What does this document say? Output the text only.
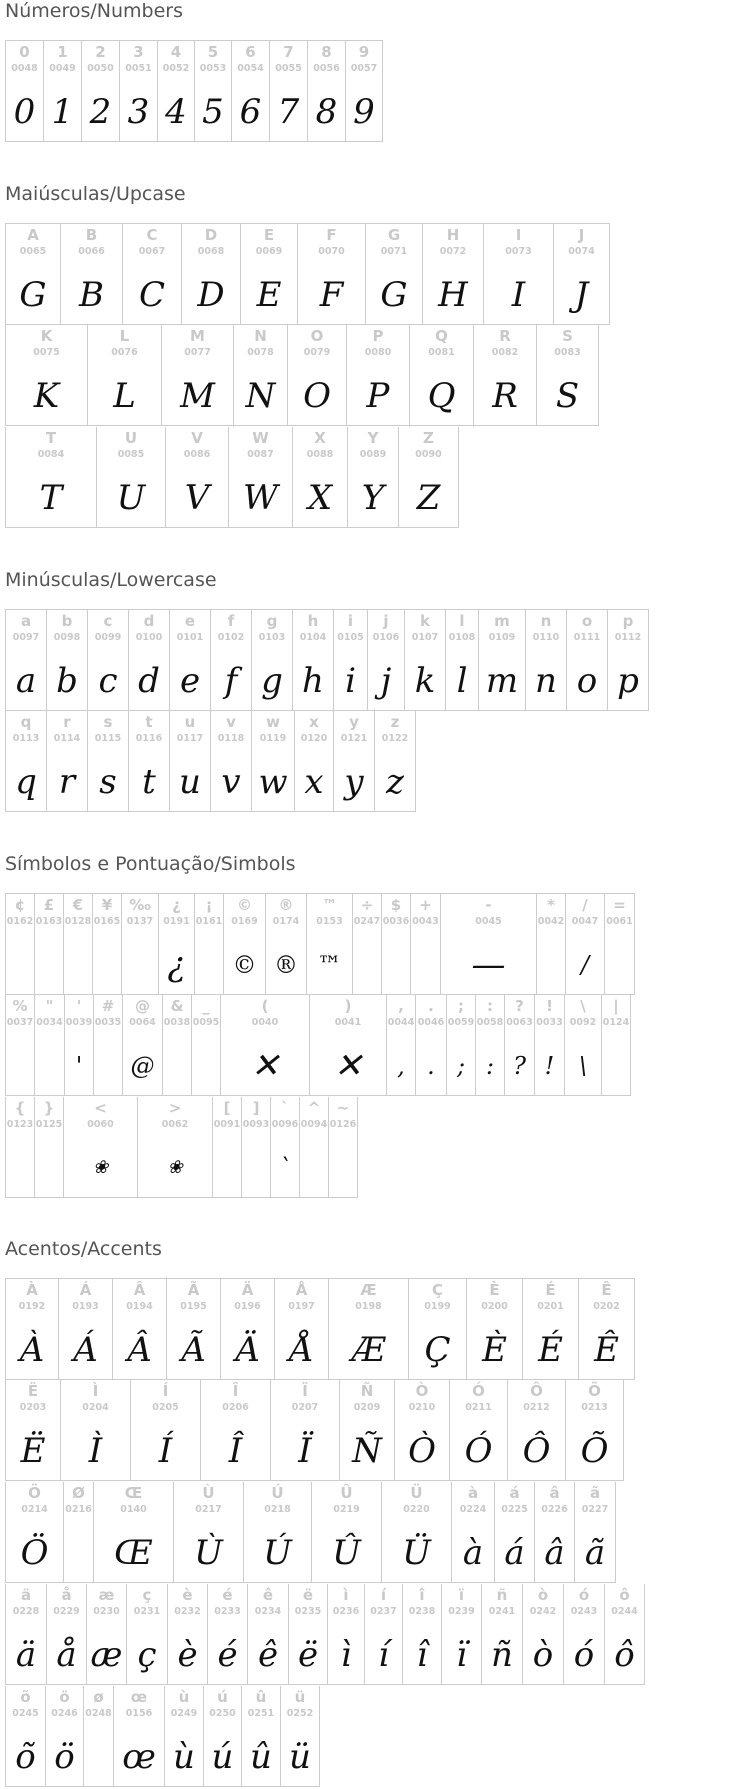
Números/Numbers
0
0048
0
1
0049
1
2
0050
2
3
0051
3
4
0052
4
5
0053
5
6
0054
6
7
0055
7
8
0056
8
9
0057
9
Maiúsculas/Upcase
A
0065
G
B
0066
B
C
0067
C
D
0068
D
E
0069
E
F
0070
F
G
0071
G
H
0072
H
I
0073
I
J
0074
J
K
0075
K
L
0076
L
M
0077
M
N
0078
N
O
0079
O
P
0080
P
Q
0081
Q
R
0082
R
S
0083
S
T
0084
T
U
0085
U
V
0086
V
W
0087
W
X
0088
X
Y
0089
Y
Z
0090
Z
Minúsculas/Lowercase
a
0097
a
b
0098
b
c
0099
c
d
0100
d
e
0101
e
f
0102
f
g
0103
g
h
0104
h
i
0105
i
j
0106
j
k
0107
k
l
0108
l
m
0109
m
n
0110
n
o
0111
o
p
0112
p
q
0113
q
r
0114
r
s
0115
s
t
0116
t
u
0117
u
v
0118
v
w
0119
w
x
0120
x
y
0121
y
z
0122
z
Símbolos e Pontuação/Simbols
¢
0162
£
0163
€
0128
¥
0165
‰
0137
¿
0191
¿
¡
0161
©
0169
©
®
0174
®
™
0153
™
÷
0247
$
0036
+
0043
-
0045
—
*
0042
/
0047
/
=
0061
%
0037
"
0034
'
0039
'
#
0035
@
0064
@
&
0038
_
0095
(
0040
✕
)
0041
✕
,
0044
,
.
0046
.
;
0059
;
:
0058
:
?
0063
?
!
0033
!
\
0092
\
|
0124
{
0123
}
0125
<
0060
❀
>
0062
❀
[
0091
]
0093
`
0096
`
^
0094
~
0126
Acentos/Accents
À
0192
À
Á
0193
Á
Â
0194
Â
Ã
0195
Ã
Ä
0196
Ä
Å
0197
Å
Æ
0198
Æ
Ç
0199
Ç
È
0200
È
É
0201
É
Ê
0202
Ê
Ë
0203
Ë
Ì
0204
Ì
Í
0205
Í
Î
0206
Î
Ï
0207
Ï
Ñ
0209
Ñ
Ò
0210
Ò
Ó
0211
Ó
Ô
0212
Ô
Õ
0213
Õ
Ö
0214
Ö
Ø
0216
Œ
0140
Œ
Ù
0217
Ù
Ú
0218
Ú
Û
0219
Û
Ü
0220
Ü
à
0224
à
á
0225
á
â
0226
â
ã
0227
ã
ä
0228
ä
å
0229
å
æ
0230
æ
ç
0231
ç
è
0232
è
é
0233
é
ê
0234
ê
ë
0235
ë
ì
0236
ì
í
0237
í
î
0238
î
ï
0239
ï
ñ
0241
ñ
ò
0242
ò
ó
0243
ó
ô
0244
ô
õ
0245
õ
ö
0246
ö
ø
0248
œ
0156
œ
ù
0249
ù
ú
0250
ú
û
0251
û
ü
0252
ü
